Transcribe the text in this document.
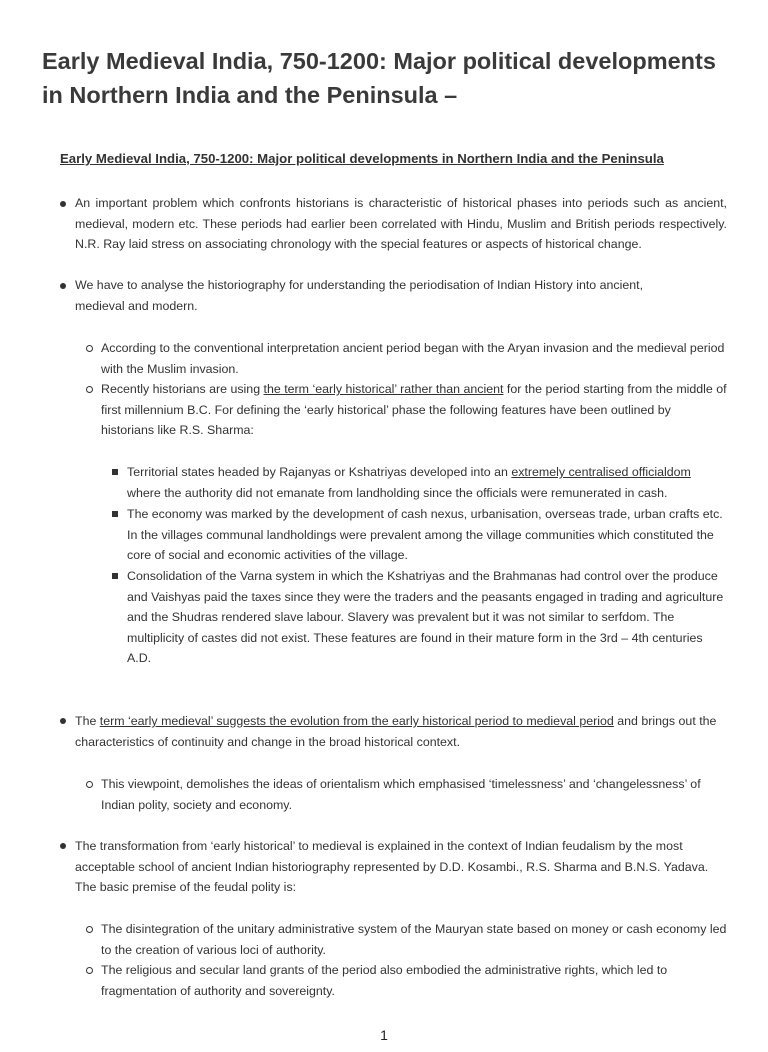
Early Medieval India, 750-1200: Major political developments in Northern India and the Peninsula –

Early Medieval India, 750-1200: Major political developments in Northern India and the Peninsula

An important problem which confronts historians is characteristic of historical phases into periods such as ancient, medieval, modern etc. These periods had earlier been correlated with Hindu, Muslim and British periods respectively. N.R. Ray laid stress on associating chronology with the special features or aspects of historical change.
We have to analyse the historiography for understanding the periodisation of Indian History into ancient, medieval and modern.
According to the conventional interpretation ancient period began with the Aryan invasion and the medieval period with the Muslim invasion.
Recently historians are using the term ‘early historical’ rather than ancient for the period starting from the middle of first millennium B.C. For defining the ‘early historical’ phase the following features have been outlined by historians like R.S. Sharma:
Territorial states headed by Rajanyas or Kshatriyas developed into an extremely centralised officialdom where the authority did not emanate from landholding since the officials were remunerated in cash.
The economy was marked by the development of cash nexus, urbanisation, overseas trade, urban crafts etc. In the villages communal landholdings were prevalent among the village communities which constituted the core of social and economic activities of the village.
Consolidation of the Varna system in which the Kshatriyas and the Brahmanas had control over the produce and Vaishyas paid the taxes since they were the traders and the peasants engaged in trading and agriculture and the Shudras rendered slave labour. Slavery was prevalent but it was not similar to serfdom. The multiplicity of castes did not exist. These features are found in their mature form in the 3rd – 4th centuries A.D.
The term ‘early medieval’ suggests the evolution from the early historical period to medieval period and brings out the characteristics of continuity and change in the broad historical context.
This viewpoint, demolishes the ideas of orientalism which emphasised ‘timelessness’ and ‘changelessness’ of Indian polity, society and economy.
The transformation from ‘early historical’ to medieval is explained in the context of Indian feudalism by the most acceptable school of ancient Indian historiography represented by D.D. Kosambi., R.S. Sharma and B.N.S. Yadava. The basic premise of the feudal polity is:
The disintegration of the unitary administrative system of the Mauryan state based on money or cash economy led to the creation of various loci of authority.
The religious and secular land grants of the period also embodied the administrative rights, which led to fragmentation of authority and sovereignty.
1
